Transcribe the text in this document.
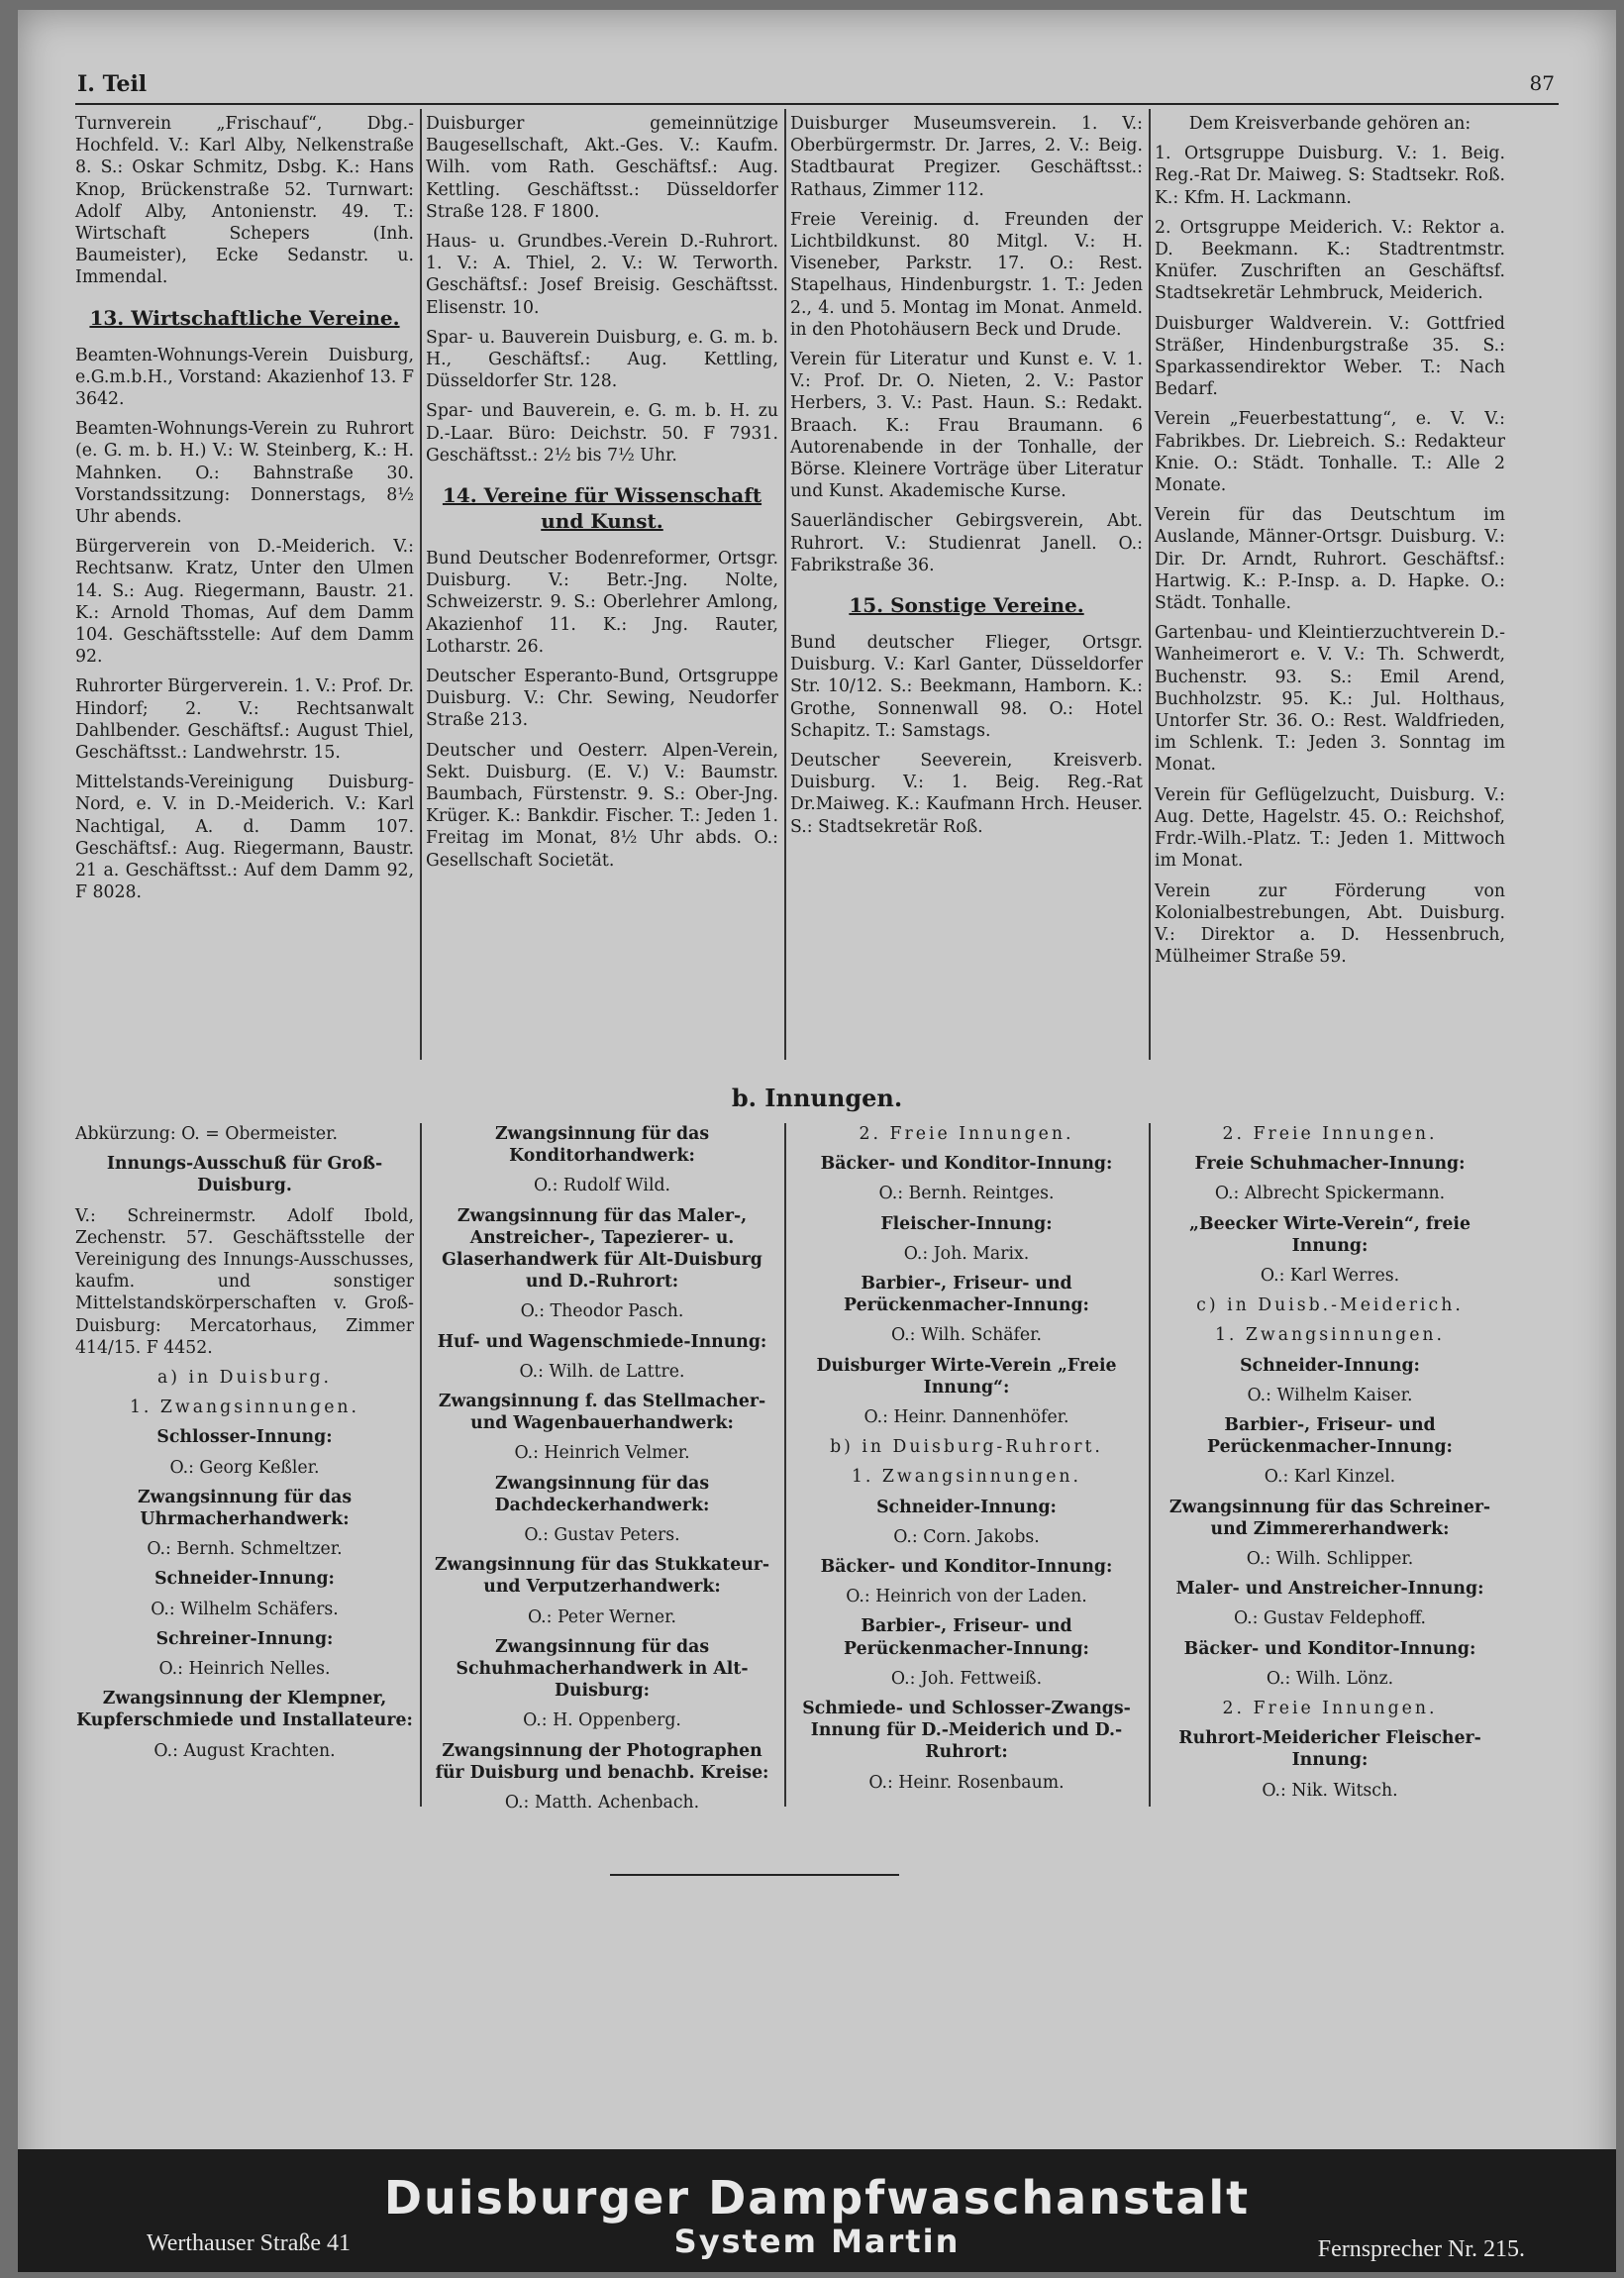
I. Teil	87

Turnverein „Frischauf“, Dbg.-Hochfeld. V.: Karl Alby, Nelkenstraße 8. S.: Oskar Schmitz, Dsbg. K.: Hans Knop, Brückenstraße 52. Turnwart: Adolf Alby, Antonienstr. 49. T.: Wirtschaft Schepers (Inh. Baumeister), Ecke Sedanstr. u. Immendal.

13. Wirtschaftliche Vereine.

Beamten-Wohnungs-Verein Duisburg, e.G.m.b.H., Vorstand: Akazienhof 13. F 3642.

Beamten-Wohnungs-Verein zu Ruhrort (e. G. m. b. H.) V.: W. Steinberg, K.: H. Mahnken. O.: Bahnstraße 30. Vorstandssitzung: Donnerstags, 8½ Uhr abends.

Bürgerverein von D.-Meiderich. V.: Rechtsanw. Kratz, Unter den Ulmen 14. S.: Aug. Riegermann, Baustr. 21. K.: Arnold Thomas, Auf dem Damm 104. Geschäftsstelle: Auf dem Damm 92.

Ruhrorter Bürgerverein. 1. V.: Prof. Dr. Hindorf; 2. V.: Rechtsanwalt Dahlbender. Geschäftsf.: August Thiel, Geschäftsst.: Landwehrstr. 15.

Mittelstands-Vereinigung Duisburg-Nord, e. V. in D.-Meiderich. V.: Karl Nachtigal, A. d. Damm 107. Geschäftsf.: Aug. Riegermann, Baustr. 21 a. Geschäftsst.: Auf dem Damm 92, F 8028.

Duisburger gemeinnützige Baugesellschaft, Akt.-Ges. V.: Kaufm. Wilh. vom Rath. Geschäftsf.: Aug. Kettling. Geschäftsst.: Düsseldorfer Straße 128. F 1800.

Haus- u. Grundbes.-Verein D.-Ruhrort. 1. V.: A. Thiel, 2. V.: W. Terworth. Geschäftsf.: Josef Breisig. Geschäftsst. Elisenstr. 10.

Spar- u. Bauverein Duisburg, e. G. m. b. H., Geschäftsf.: Aug. Kettling, Düsseldorfer Str. 128.

Spar- und Bauverein, e. G. m. b. H. zu D.-Laar. Büro: Deichstr. 50. F 7931. Geschäftsst.: 2½ bis 7½ Uhr.

14. Vereine für Wissenschaft und Kunst.

Bund Deutscher Bodenreformer, Ortsgr. Duisburg. V.: Betr.-Jng. Nolte, Schweizerstr. 9. S.: Oberlehrer Amlong, Akazienhof 11. K.: Jng. Rauter, Lotharstr. 26.

Deutscher Esperanto-Bund, Ortsgruppe Duisburg. V.: Chr. Sewing, Neudorfer Straße 213.

Deutscher und Oesterr. Alpen-Verein, Sekt. Duisburg. (E. V.) V.: Baumstr. Baumbach, Fürstenstr. 9. S.: Ober-Jng. Krüger. K.: Bankdir. Fischer. T.: Jeden 1. Freitag im Monat, 8½ Uhr abds. O.: Gesellschaft Societät.

Duisburger Museumsverein. 1. V.: Oberbürgermstr. Dr. Jarres, 2. V.: Beig. Stadtbaurat Pregizer. Geschäftsst.: Rathaus, Zimmer 112.

Freie Vereinig. d. Freunden der Lichtbildkunst. 80 Mitgl. V.: H. Viseneber, Parkstr. 17. O.: Rest. Stapelhaus, Hindenburgstr. 1. T.: Jeden 2., 4. und 5. Montag im Monat. Anmeld. in den Photohäusern Beck und Drude.

Verein für Literatur und Kunst e. V. 1. V.: Prof. Dr. O. Nieten, 2. V.: Pastor Herbers, 3. V.: Past. Haun. S.: Redakt. Braach. K.: Frau Braumann. 6 Autorenabende in der Tonhalle, der Börse. Kleinere Vorträge über Literatur und Kunst. Akademische Kurse.

Sauerländischer Gebirgsverein, Abt. Ruhrort. V.: Studienrat Janell. O.: Fabrikstraße 36.

15. Sonstige Vereine.

Bund deutscher Flieger, Ortsgr. Duisburg. V.: Karl Ganter, Düsseldorfer Str. 10/12. S.: Beekmann, Hamborn. K.: Grothe, Sonnenwall 98. O.: Hotel Schapitz. T.: Samstags.

Deutscher Seeverein, Kreisverb. Duisburg. V.: 1. Beig. Reg.-Rat Dr.Maiweg. K.: Kaufmann Hrch. Heuser. S.: Stadtsekretär Roß.

Dem Kreisverbande gehören an:

1. Ortsgruppe Duisburg. V.: 1. Beig. Reg.-Rat Dr. Maiweg. S: Stadtsekr. Roß. K.: Kfm. H. Lackmann.

2. Ortsgruppe Meiderich. V.: Rektor a. D. Beekmann. K.: Stadtrentmstr. Knüfer. Zuschriften an Geschäftsf. Stadtsekretär Lehmbruck, Meiderich.

Duisburger Waldverein. V.: Gottfried Sträßer, Hindenburgstraße 35. S.: Sparkassendirektor Weber. T.: Nach Bedarf.

Verein „Feuerbestattung“, e. V. V.: Fabrikbes. Dr. Liebreich. S.: Redakteur Knie. O.: Städt. Tonhalle. T.: Alle 2 Monate.

Verein für das Deutschtum im Auslande, Männer-Ortsgr. Duisburg. V.: Dir. Dr. Arndt, Ruhrort. Geschäftsf.: Hartwig. K.: P.-Insp. a. D. Hapke. O.: Städt. Tonhalle.

Gartenbau- und Kleintierzuchtverein D.-Wanheimerort e. V. V.: Th. Schwerdt, Buchenstr. 93. S.: Emil Arend, Buchholzstr. 95. K.: Jul. Holthaus, Untorfer Str. 36. O.: Rest. Waldfrieden, im Schlenk. T.: Jeden 3. Sonntag im Monat.

Verein für Geflügelzucht, Duisburg. V.: Aug. Dette, Hagelstr. 45. O.: Reichshof, Frdr.-Wilh.-Platz. T.: Jeden 1. Mittwoch im Monat.

Verein zur Förderung von Kolonialbestrebungen, Abt. Duisburg. V.: Direktor a. D. Hessenbruch, Mülheimer Straße 59.

b. Innungen.

Abkürzung: O. = Obermeister.

Innungs-Ausschuß für Groß-Duisburg.

V.: Schreinermstr. Adolf Ibold, Zechenstr. 57. Geschäftsstelle der Vereinigung des Innungs-Ausschusses, kaufm. und sonstiger Mittelstandskörperschaften v. Groß-Duisburg: Mercatorhaus, Zimmer 414/15. F 4452.

a) in Duisburg.

1. Zwangsinnungen.

Schlosser-Innung:

O.: Georg Keßler.

Zwangsinnung für das Uhrmacherhandwerk:

O.: Bernh. Schmeltzer.

Schneider-Innung:

O.: Wilhelm Schäfers.

Schreiner-Innung:

O.: Heinrich Nelles.

Zwangsinnung der Klempner, Kupferschmiede und Installateure:

O.: August Krachten.

Zwangsinnung für das Konditorhandwerk:

O.: Rudolf Wild.

Zwangsinnung für das Maler-, Anstreicher-, Tapezierer- u. Glaserhandwerk für Alt-Duisburg und D.-Ruhrort:

O.: Theodor Pasch.

Huf- und Wagenschmiede-Innung:

O.: Wilh. de Lattre.

Zwangsinnung f. das Stellmacher- und Wagenbauerhandwerk:

O.: Heinrich Velmer.

Zwangsinnung für das Dachdeckerhandwerk:

O.: Gustav Peters.

Zwangsinnung für das Stukkateur- und Verputzerhandwerk:

O.: Peter Werner.

Zwangsinnung für das Schuhmacherhandwerk in Alt-Duisburg:

O.: H. Oppenberg.

Zwangsinnung der Photographen für Duisburg und benachb. Kreise:

O.: Matth. Achenbach.

2. Freie Innungen.

Bäcker- und Konditor-Innung:

O.: Bernh. Reintges.

Fleischer-Innung:

O.: Joh. Marix.

Barbier-, Friseur- und Perückenmacher-Innung:

O.: Wilh. Schäfer.

Duisburger Wirte-Verein „Freie Innung“:

O.: Heinr. Dannenhöfer.

b) in Duisburg-Ruhrort.

1. Zwangsinnungen.

Schneider-Innung:

O.: Corn. Jakobs.

Bäcker- und Konditor-Innung:

O.: Heinrich von der Laden.

Barbier-, Friseur- und Perückenmacher-Innung:

O.: Joh. Fettweiß.

Schmiede- und Schlosser-Zwangs-Innung für D.-Meiderich und D.-Ruhrort:

O.: Heinr. Rosenbaum.

2. Freie Innungen.

Freie Schuhmacher-Innung:

O.: Albrecht Spickermann.

„Beecker Wirte-Verein“, freie Innung:

O.: Karl Werres.

c) in Duisb.-Meiderich.

1. Zwangsinnungen.

Schneider-Innung:

O.: Wilhelm Kaiser.

Barbier-, Friseur- und Perückenmacher-Innung:

O.: Karl Kinzel.

Zwangsinnung für das Schreiner- und Zimmererhandwerk:

O.: Wilh. Schlipper.

Maler- und Anstreicher-Innung:

O.: Gustav Feldерhoff.

Bäcker- und Konditor-Innung:

O.: Wilh. Lönz.

2. Freie Innungen.

Ruhrort-Meidericher Fleischer-Innung:

O.: Nik. Witsch.

Duisburger Dampfwaschanstalt
Werthauser Straße 41	System Martin	Fernsprecher Nr. 215.
